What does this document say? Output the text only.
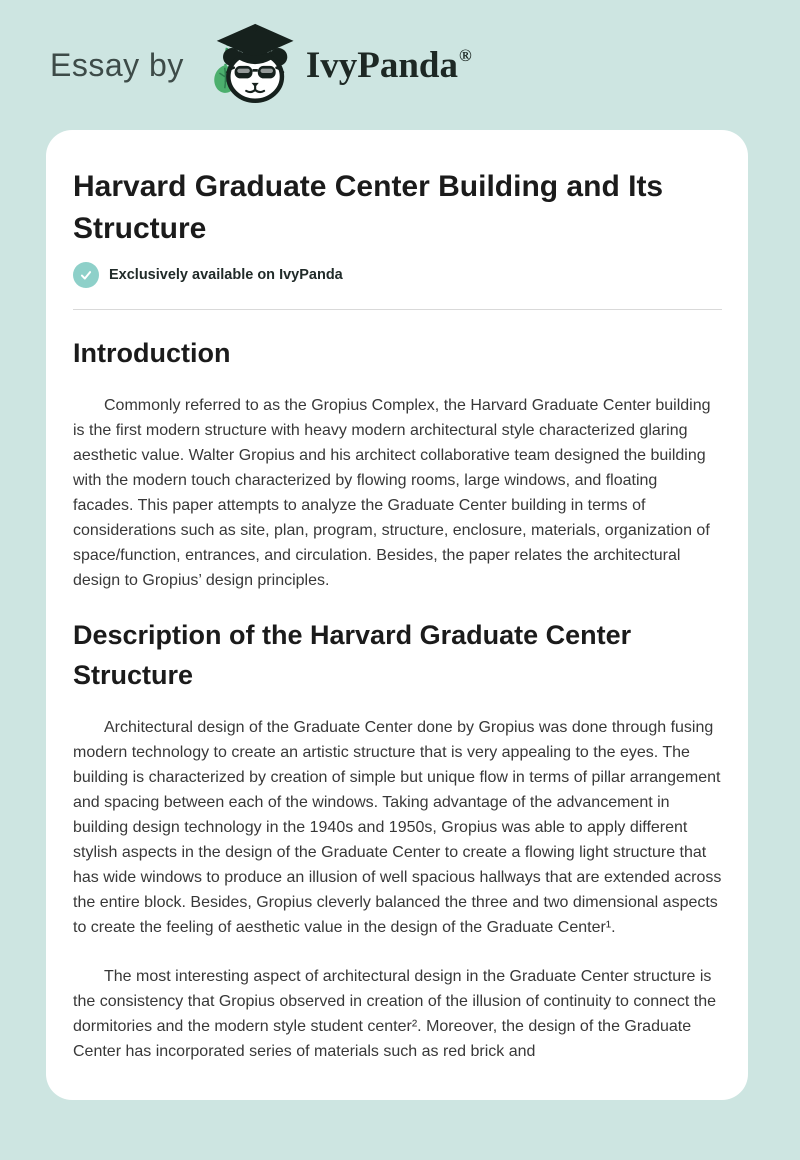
Essay by	IvyPanda ®
Harvard Graduate Center Building and Its Structure
Exclusively available on IvyPanda
Introduction

Commonly referred to as the Gropius Complex, the Harvard Graduate Center building is the first modern structure with heavy modern architectural style characterized glaring aesthetic value. Walter Gropius and his architect collaborative team designed the building with the modern touch characterized by flowing rooms, large windows, and floating facades. This paper attempts to analyze the Graduate Center building in terms of considerations such as site, plan, program, structure, enclosure, materials, organization of space/function, entrances, and circulation. Besides, the paper relates the architectural design to Gropius’ design principles.

Description of the Harvard Graduate Center Structure

Architectural design of the Graduate Center done by Gropius was done through fusing modern technology to create an artistic structure that is very appealing to the eyes. The building is characterized by creation of simple but unique flow in terms of pillar arrangement and spacing between each of the windows. Taking advantage of the advancement in building design technology in the 1940s and 1950s, Gropius was able to apply different stylish aspects in the design of the Graduate Center to create a flowing light structure that has wide windows to produce an illusion of well spacious hallways that are extended across the entire block. Besides, Gropius cleverly balanced the three and two dimensional aspects to create the feeling of aesthetic value in the design of the Graduate Center¹.

The most interesting aspect of architectural design in the Graduate Center structure is the consistency that Gropius observed in creation of the illusion of continuity to connect the dormitories and the modern style student center². Moreover, the design of the Graduate Center has incorporated series of materials such as red brick and
